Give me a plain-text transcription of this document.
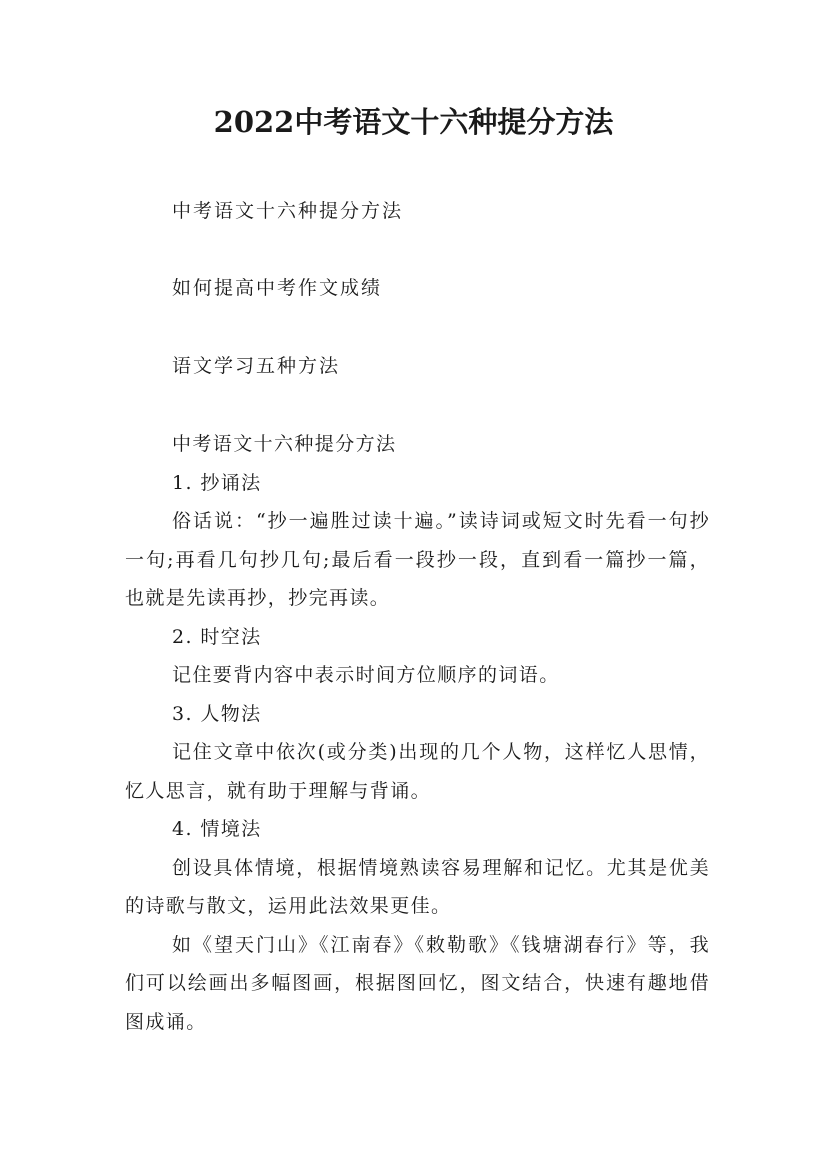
2022中考语文十六种提分方法
中考语文十六种提分方法
如何提高中考作文成绩
语文学习五种方法

中考语文十六种提分方法

1. 抄诵法

俗话说：“抄一遍胜过读十遍。”读诗词或短文时先看一句抄一句;再看几句抄几句;最后看一段抄一段，直到看一篇抄一篇，也就是先读再抄，抄完再读。

2. 时空法

记住要背内容中表示时间方位顺序的词语。

3. 人物法

记住文章中依次(或分类)出现的几个人物，这样忆人思情，忆人思言，就有助于理解与背诵。

4. 情境法

创设具体情境，根据情境熟读容易理解和记忆。尤其是优美的诗歌与散文，运用此法效果更佳。

如《望天门山》《江南春》《敕勒歌》《钱塘湖春行》等，我们可以绘画出多幅图画，根据图回忆，图文结合，快速有趣地借图成诵。
